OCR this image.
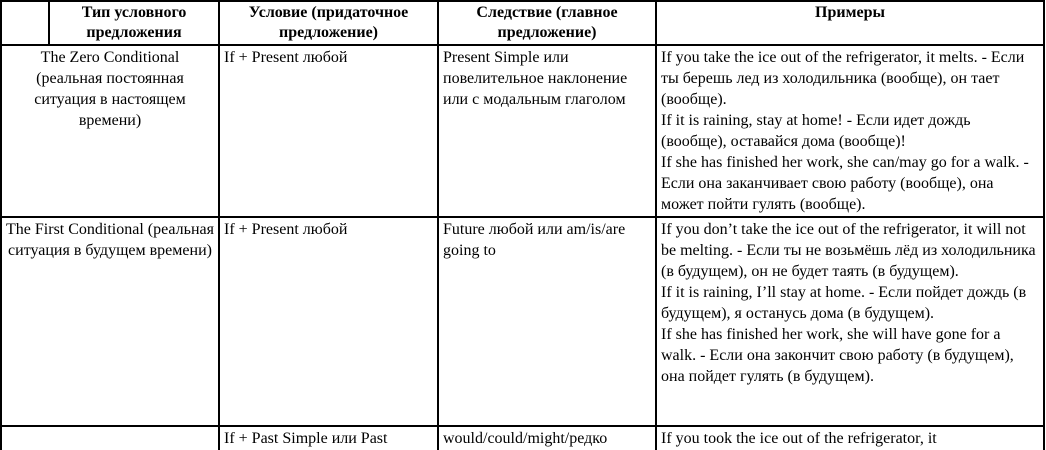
	Тип условного предложения	Условие (придаточное предложение)	Следствие (главное предложение)	Примеры
The Zero Conditional (реальная постоянная ситуация в настоящем времени)		If + Present любой	Present Simple или повелительное наклонение или с модальным глаголом	If you take the ice out of the refrigerator, it melts. - Если ты берешь лед из холодильника (вообще), он тает (вообще).
If it is raining, stay at home! - Если идет дождь (вообще), оставайся дома (вообще)!
If she has finished her work, she can/may go for a walk. - Если она заканчивает свою работу (вообще), она может пойти гулять (вообще).

The First Conditional (реальная ситуация в будущем времени)		If + Present любой	Future любой или am/is/are going to	If you don’t take the ice out of the refrigerator, it will not be melting. - Если ты не возьмёшь лёд из холодильника (в будущем), он не будет таять (в будущем).
If it is raining, I’ll stay at home. - Если пойдет дождь (в будущем), я останусь дома (в будущем).
If she has finished her work, she will have gone for a walk. - Если она закончит свою работу (в будущем), она пойдет гулять (в будущем).

		If + Past Simple или Past	would/could/might/редко	If you took the ice out of the refrigerator, it
